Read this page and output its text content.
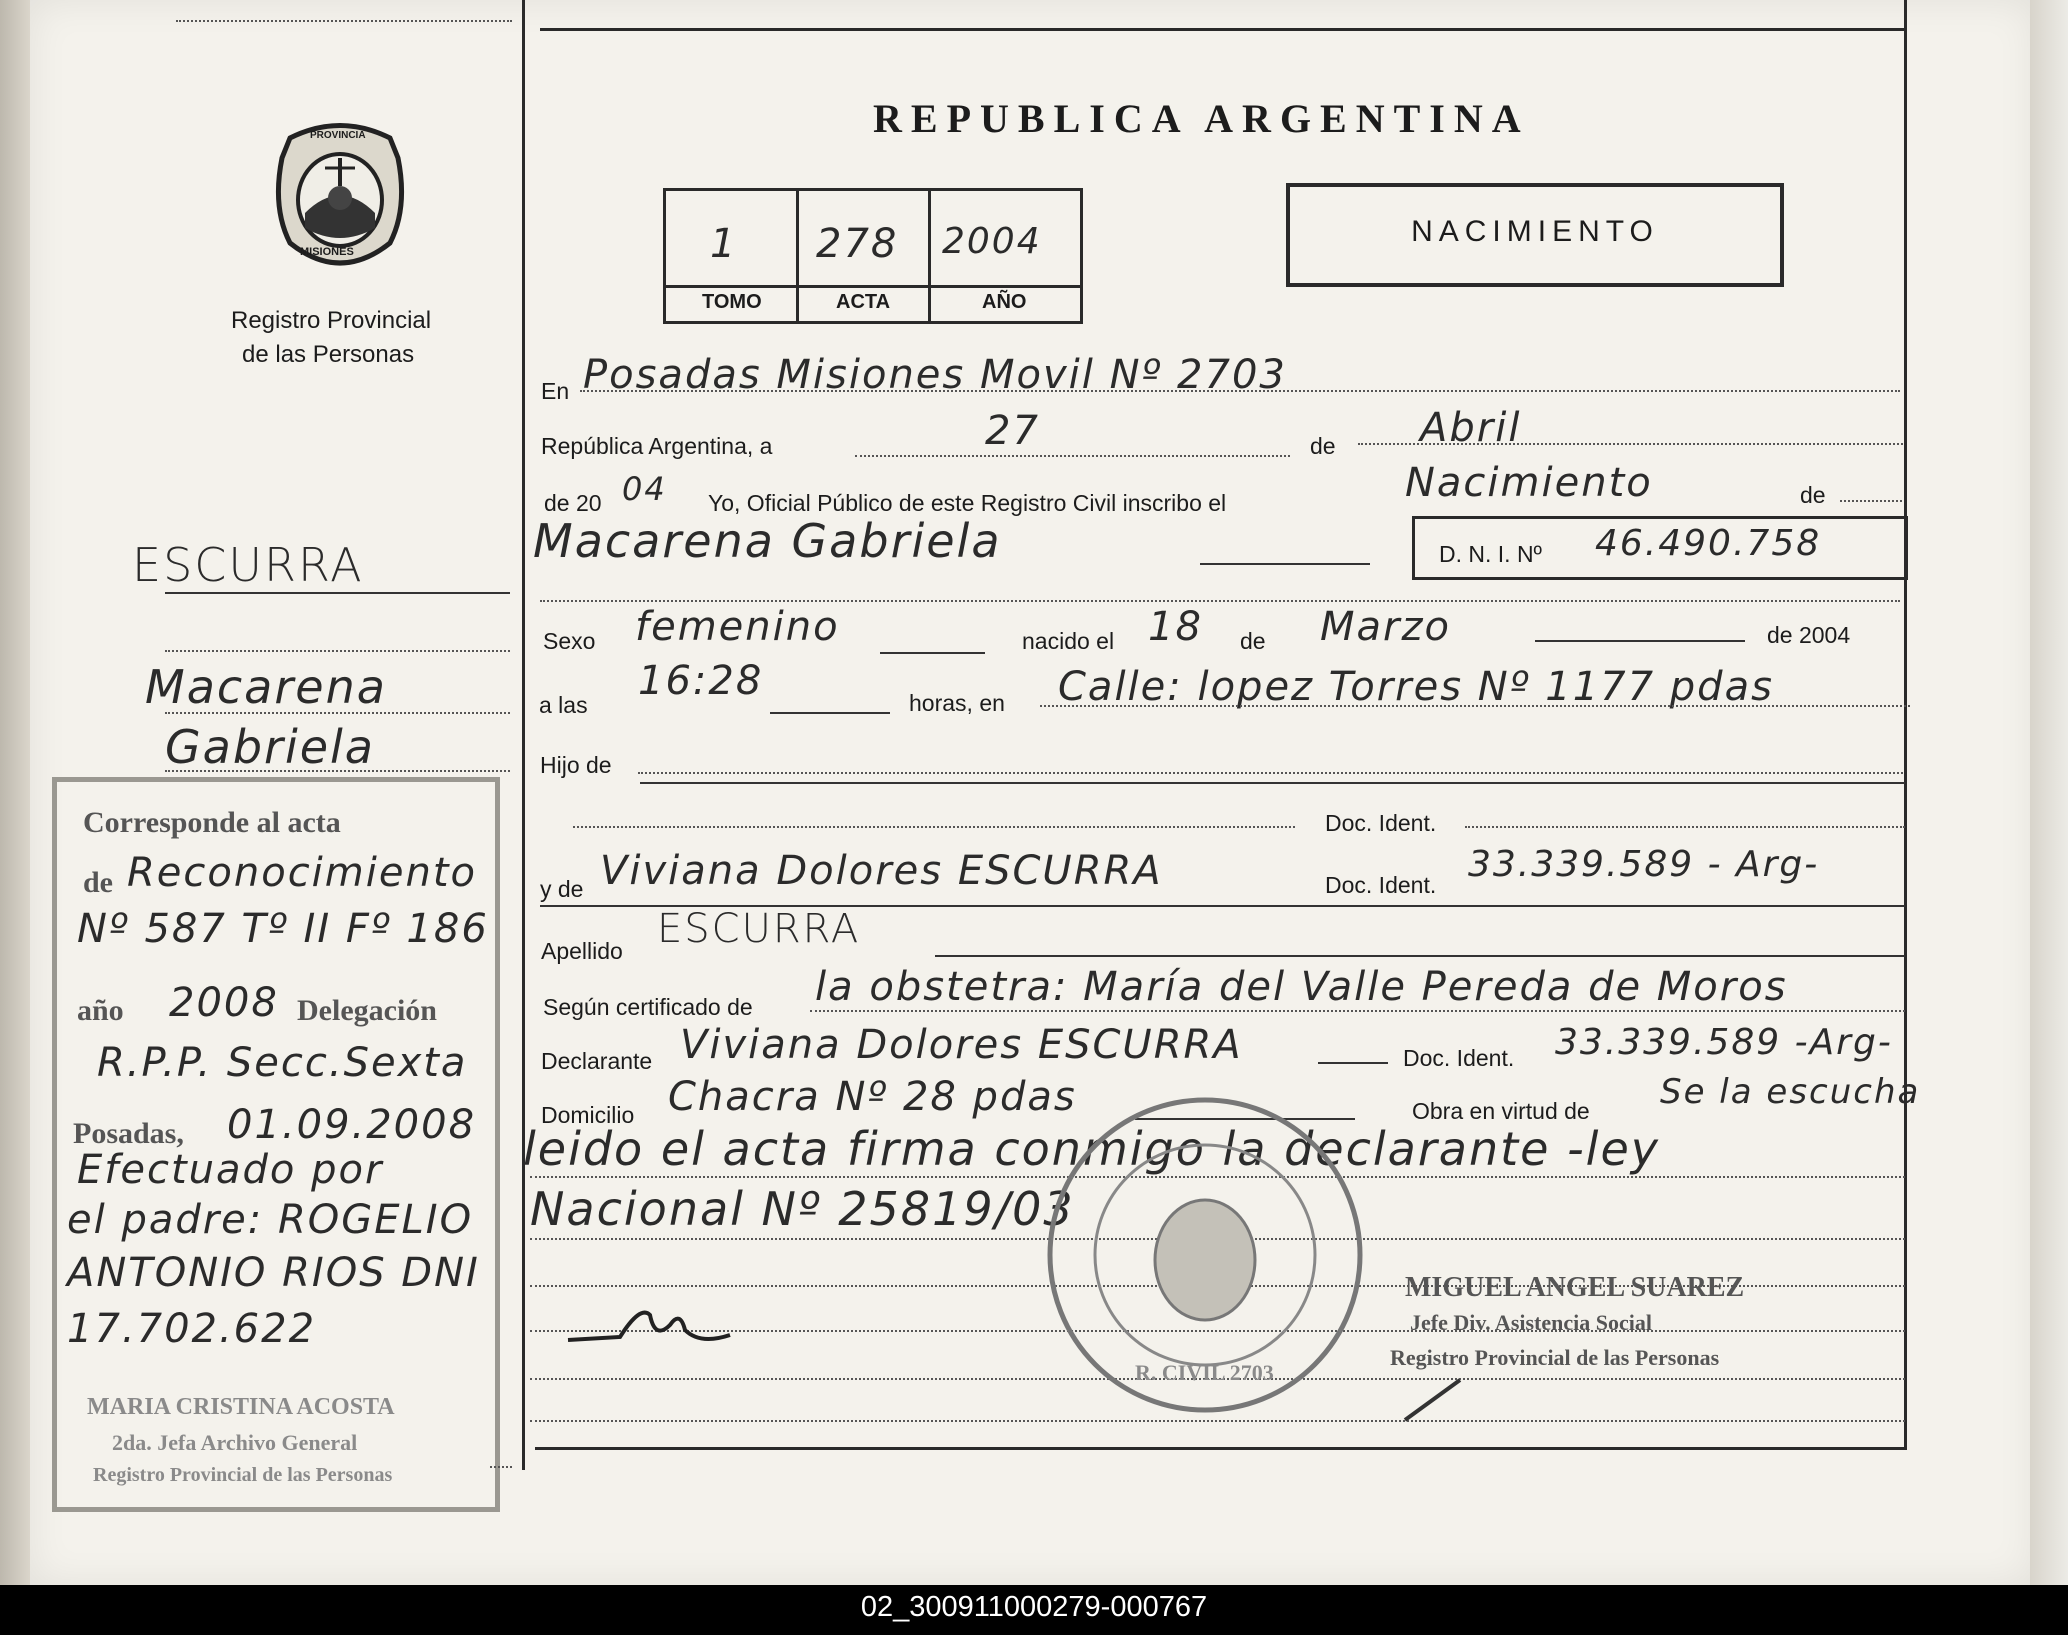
REPUBLICA ARGENTINA
MISIONES
PROVINCIA
Registro Provincial
de las Personas
1 278 2004
TOMO	ACTA	AÑO
NACIMIENTO
En Posadas Misiones Movil Nº 2703
República Argentina, a	27	de Abril
de 20 04 Yo, Oficial Público de este Registro Civil inscribo el	Nacimiento	de
Macarena Gabriela	D. N. I. Nº 46.490.758
Sexo femenino	nacido el 18 de Marzo	de 2004
a las
16:28	horas, en Calle: lopez Torres Nº 1177 pdas
Hijo de
Doc. Ident.
y de Viviana Dolores ESCURRA	Doc. Ident. 33.339.589 - Arg-
Apellido ESCURRA
Según certificado de la obstetra: María del Valle Pereda de Moros
Declarante Viviana Dolores ESCURRA	Doc. Ident. 33.339.589 -Arg-
Domicilio Chacra Nº 28 pdas	Obra en virtud de Se la escucha
leido el acta firma conmigo la declarante -ley
Nacional Nº 25819/03
R. CIVIL 2703
MIGUEL ANGEL SUAREZ
Jefe Div. Asistencia Social
Registro Provincial de las Personas
ESCURRA
Macarena
Gabriela
Corresponde al acta
de Reconocimiento
Nº 587 Tº II Fº 186
año 2008 Delegación
R.P.P. Secc.Sexta
Posadas, 01.09.2008
Efectuado por
el padre: ROGELIO
ANTONIO RIOS DNI
17.702.622
MARIA CRISTINA ACOSTA
2da. Jefa Archivo General
Registro Provincial de las Personas
02_300911000279-000767
